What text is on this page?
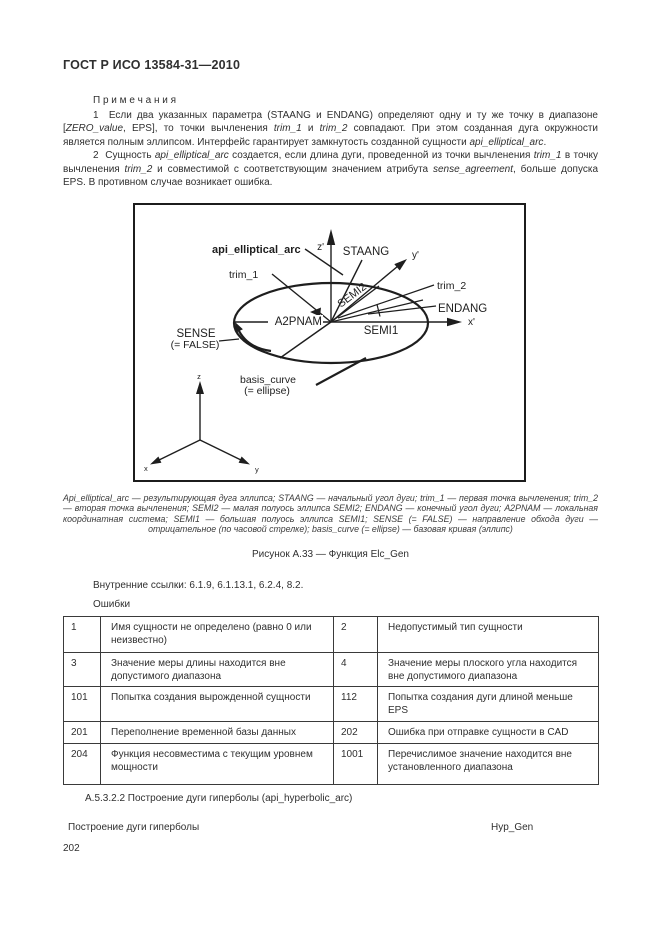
ГОСТ Р ИСО 13584-31—2010

П р и м е ч а н и я

1  Если два указанных параметра (STAANG и ENDANG) определяют одну и ту же точку в диапазоне [ZERO_value, EPS], то точки вычленения trim_1 и trim_2 совпадают. При этом созданная дуга окружности является полным эллипсом. Интерфейс гарантирует замкнутость созданной сущности api_elliptical_arc.

2  Сущность api_elliptical_arc создается, если длина дуги, проведенной из точки вычленения trim_1 в точку вычленения trim_2 и совместимой с соответствующим значением атрибута sense_agreement, больше допуска EPS. В противном случае возникает ошибка.

api_elliptical_arc z' STAANG y'
trim_1
trim_2
ENDANG
SEMI2
SEMI1
A2PNAM	x'
SENSE
(= FALSE)
basis_curve
(= ellipse)
z
x	y
Api_elliptical_arc — результирующая дуга эллипса; STAANG — начальный угол дуги; trim_1 — первая точка вычленения; trim_2 — вторая точка вычленения; SEMI2 — малая полуось эллипса SEMI2; ENDANG — конечный угол дуги; A2PNAM — локальная координатная система; SEMI1 — большая полуось эллипса SEMI1; SENSE (= FALSE) — направление обхода дуги — отрицательное (по часовой стрелке); basis_curve (= ellipse) — базовая кривая (эллипс)
Рисунок А.33 — Функция Elc_Gen
Внутренние ссылки: 6.1.9, 6.1.13.1, 6.2.4, 8.2.
Ошибки
1	Имя сущности не определено (равно 0 или неизвестно)	2	Недопустимый тип сущности
3	Значение меры длины находится вне допустимого диапазона	4	Значение меры плоского угла находится вне допустимого диапазона
101	Попытка создания вырожденной сущности	112	Попытка создания дуги длиной меньше EPS
201	Переполнение временной базы данных	202	Ошибка при отправке сущности в CAD
204	Функция несовместима с текущим уровнем мощности	1001	Перечислимое значение находится вне установленного диапазона
А.5.3.2.2 Построение дуги гиперболы (api_hyperbolic_arc)
Построение дуги гиперболы	Hyp_Gen
202
